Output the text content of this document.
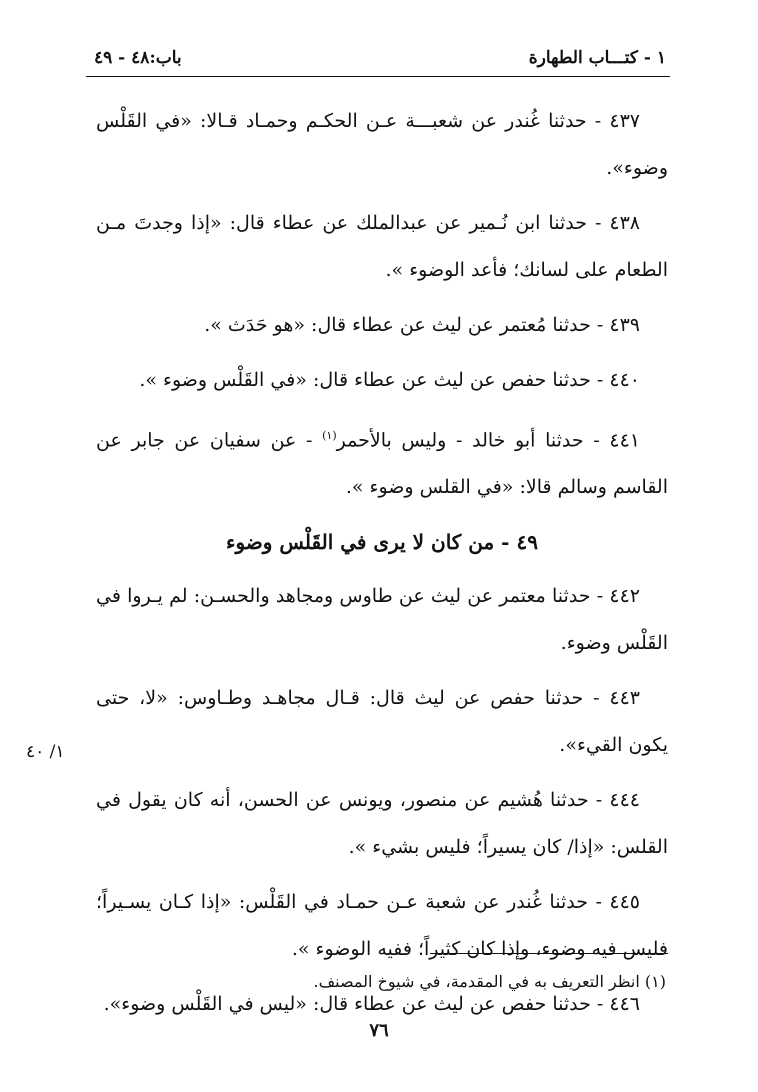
١ - كتـــاب الطهارة
باب:٤٨ - ٤٩

٤٣٧ - حدثنا غُندر عن شعبـــة عـن الحكـم وحمـاد قـالا: «في القَلْس وضوء».

٤٣٨ - حدثنا ابن نُـمير عن عبدالملك عن عطاء قال: «إذا وجدتَ مـن الطعام على لسانك؛ فأعد الوضوء ».

٤٣٩ - حدثنا مُعتمر عن ليث عن عطاء قال: «هو حَدَث ».

٤٤٠ - حدثنا حفص عن ليث عن عطاء قال: «في القَلْس وضوء ».

٤٤١ - حدثنا أبو خالد - وليس بالأحمر$^{(١)}$ - عن سفيان عن جابر عن القاسم وسالم قالا: «في القلس وضوء ».

٤٩ - من كان لا يرى في القَلْس وضوء

٤٤٢ - حدثنا معتمر عن ليث عن طاوس ومجاهد والحسـن: لم يـروا في القَلْس وضوء.

٤٤٣ - حدثنا حفص عن ليث قال: قـال مجاهـد وطـاوس: «لا، حتى يكون القيء».

٤٤٤ - حدثنا هُشيم عن منصور، ويونس عن الحسن، أنه كان يقول في القلس: «إذا/ كان يسيراً؛ فليس بشيء ».

٤٤٥ - حدثنا غُندر عن شعبة عـن حمـاد في القَلْس: «إذا كـان يسـيراً؛ فليس فيه وضوء، وإذا كان كثيراً؛ ففيه الوضوء ».

٤٤٦ - حدثنا حفص عن ليث عن عطاء قال: «ليس في القَلْس وضوء».

١/ ٤٠
(١) انظر التعريف به في المقدمة، في شيوخ المصنف.
٧٦
